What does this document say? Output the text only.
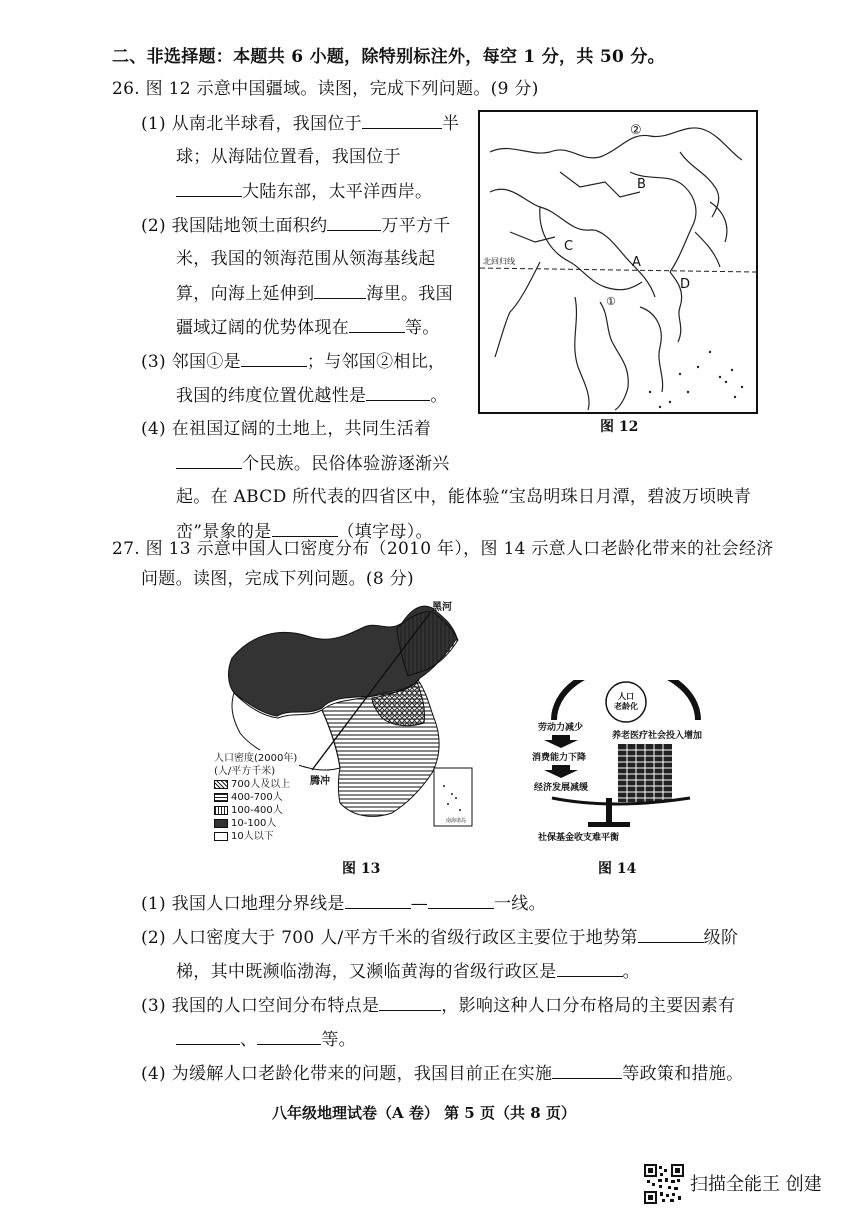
二、非选择题：本题共 6 小题，除特别标注外，每空 1 分，共 50 分。
26. 图 12 示意中国疆域。读图，完成下列问题。(9 分)
(1) 从南北半球看，我国位于	半
球；从海陆位置看，我国位于
大陆东部，太平洋西岸。
(2) 我国陆地领土面积约	万平方千
米，我国的领海范围从领海基线起
算，向海上延伸到	海里。我国
疆域辽阔的优势体现在	等。
(3) 邻国①是	；与邻国②相比，
我国的纬度位置优越性是	。
(4) 在祖国辽阔的土地上，共同生活着
个民族。民俗体验游逐渐兴
起。在 ABCD 所代表的四省区中，能体验“宝岛明珠日月潭，碧波万顷映青
峦”景象的是	（填字母）。
北回归线
②
①
A
B
C
D
图 12
27. 图 13 示意中国人口密度分布（2010 年），图 14 示意人口老龄化带来的社会经济
问题。读图，完成下列问题。(8 分)
南海诸岛
黑河
腾冲
人口密度(2000年)
(人/平方千米)
700人及以上
400-700人
100-400人
10-100人
10人以下
图 13
人口
老龄化
劳动力减少
消费能力下降
经济发展减缓
养老医疗社会投入增加
社保基金收支难平衡
图 14
(1) 我国人口地理分界线是	—	一线。
(2) 人口密度大于 700 人/平方千米的省级行政区主要位于地势第	级阶
梯，其中既濒临渤海，又濒临黄海的省级行政区是	。
(3) 我国的人口空间分布特点是	，影响这种人口分布格局的主要因素有
、	等。
(4) 为缓解人口老龄化带来的问题，我国目前正在实施	等政策和措施。
八年级地理试卷（A 卷） 第 5 页（共 8 页）
扫描全能王 创建
